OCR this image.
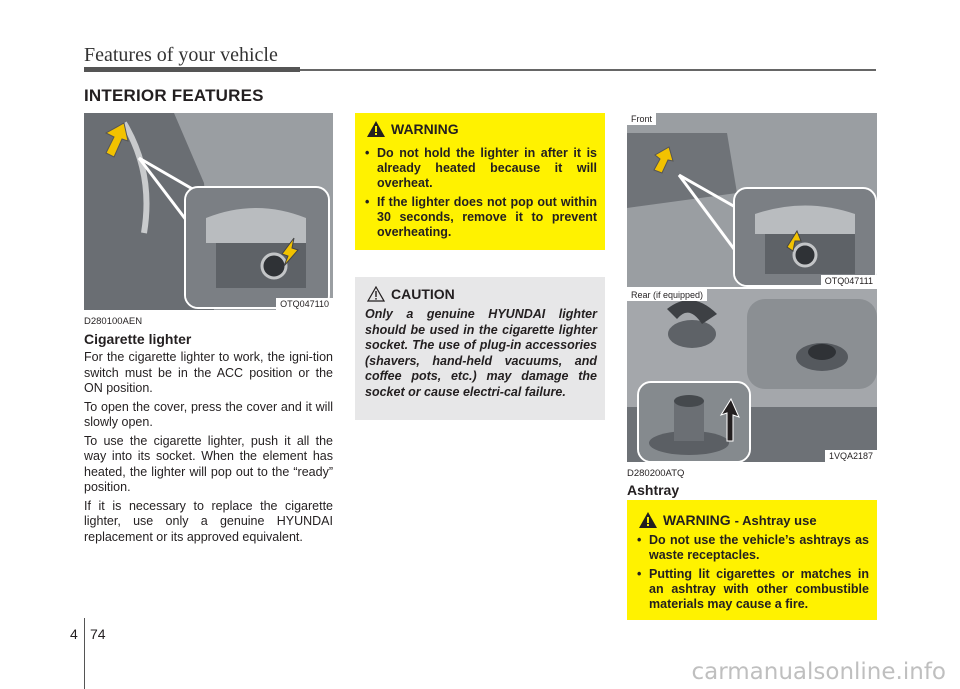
Features of your vehicle
INTERIOR FEATURES
OTQ047110
D280100AEN
Cigarette lighter

For the cigarette lighter to work, the igni-tion switch must be in the ACC position or the ON position.

To open the cover, press the cover and it will slowly open.

To use the cigarette lighter, push it all the way into its socket. When the element has heated, the lighter will pop out to the “ready” position.

If it is necessary to replace the cigarette lighter, use only a genuine HYUNDAI replacement or its approved equivalent.

WARNING
• Do not hold the lighter in after it is already heated because it will overheat.
• If the lighter does not pop out within 30 seconds, remove it to prevent overheating.
CAUTION
Only a genuine HYUNDAI lighter should be used in the cigarette lighter socket. The use of plug-in accessories (shavers, hand-held vacuums, and coffee pots, etc.) may damage the socket or cause electri-cal failure.
Front
OTQ047111
Rear (if equipped)
1VQA2187
D280200ATQ
Ashtray
WARNING - Ashtray use
• Do not use the vehicle’s ashtrays as waste receptacles.
• Putting lit cigarettes or matches in an ashtray with other combustible materials may cause a fire.
4 74
carmanualsonline.info
